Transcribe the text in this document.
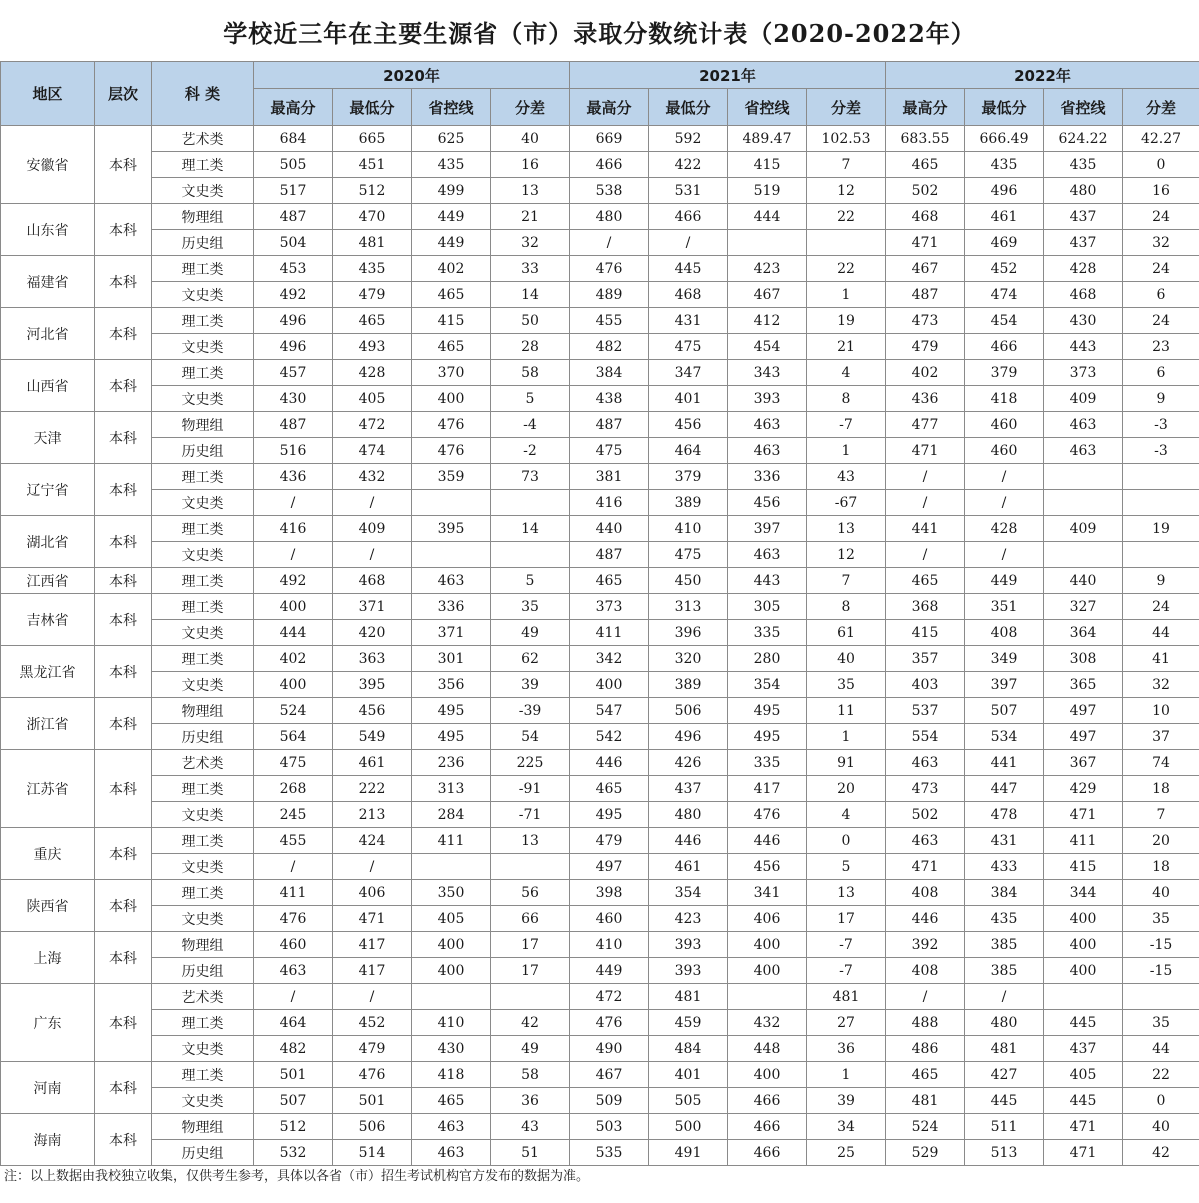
学校近三年在主要生源省（市）录取分数统计表（2020-2022年）
地区	层次	科 类	2020年				2021年				2022年			
			最高分	最低分	省控线	分差	最高分	最低分	省控线	分差	最高分	最低分	省控线	分差
安徽省	本科	艺术类	684	665	625	40	669	592	489.47	102.53	683.55	666.49	624.22	42.27
		理工类	505	451	435	16	466	422	415	7	465	435	435	0
		文史类	517	512	499	13	538	531	519	12	502	496	480	16
山东省	本科	物理组	487	470	449	21	480	466	444	22	468	461	437	24
		历史组	504	481	449	32	/	/			471	469	437	32
福建省	本科	理工类	453	435	402	33	476	445	423	22	467	452	428	24
		文史类	492	479	465	14	489	468	467	1	487	474	468	6
河北省	本科	理工类	496	465	415	50	455	431	412	19	473	454	430	24
		文史类	496	493	465	28	482	475	454	21	479	466	443	23
山西省	本科	理工类	457	428	370	58	384	347	343	4	402	379	373	6
		文史类	430	405	400	5	438	401	393	8	436	418	409	9
天津	本科	物理组	487	472	476	-4	487	456	463	-7	477	460	463	-3
		历史组	516	474	476	-2	475	464	463	1	471	460	463	-3
辽宁省	本科	理工类	436	432	359	73	381	379	336	43	/	/		
		文史类	/	/			416	389	456	-67	/	/		
湖北省	本科	理工类	416	409	395	14	440	410	397	13	441	428	409	19
		文史类	/	/			487	475	463	12	/	/		
江西省	本科	理工类	492	468	463	5	465	450	443	7	465	449	440	9
吉林省	本科	理工类	400	371	336	35	373	313	305	8	368	351	327	24
		文史类	444	420	371	49	411	396	335	61	415	408	364	44
黑龙江省	本科	理工类	402	363	301	62	342	320	280	40	357	349	308	41
		文史类	400	395	356	39	400	389	354	35	403	397	365	32
浙江省	本科	物理组	524	456	495	-39	547	506	495	11	537	507	497	10
		历史组	564	549	495	54	542	496	495	1	554	534	497	37
江苏省	本科	艺术类	475	461	236	225	446	426	335	91	463	441	367	74
		理工类	268	222	313	-91	465	437	417	20	473	447	429	18
		文史类	245	213	284	-71	495	480	476	4	502	478	471	7
重庆	本科	理工类	455	424	411	13	479	446	446	0	463	431	411	20
		文史类	/	/			497	461	456	5	471	433	415	18
陕西省	本科	理工类	411	406	350	56	398	354	341	13	408	384	344	40
		文史类	476	471	405	66	460	423	406	17	446	435	400	35
上海	本科	物理组	460	417	400	17	410	393	400	-7	392	385	400	-15
		历史组	463	417	400	17	449	393	400	-7	408	385	400	-15
广东	本科	艺术类	/	/			472	481		481	/	/		
		理工类	464	452	410	42	476	459	432	27	488	480	445	35
		文史类	482	479	430	49	490	484	448	36	486	481	437	44
河南	本科	理工类	501	476	418	58	467	401	400	1	465	427	405	22
		文史类	507	501	465	36	509	505	466	39	481	445	445	0
海南	本科	物理组	512	506	463	43	503	500	466	34	524	511	471	40
		历史组	532	514	463	51	535	491	466	25	529	513	471	42
注：以上数据由我校独立收集，仅供考生参考，具体以各省（市）招生考试机构官方发布的数据为准。
